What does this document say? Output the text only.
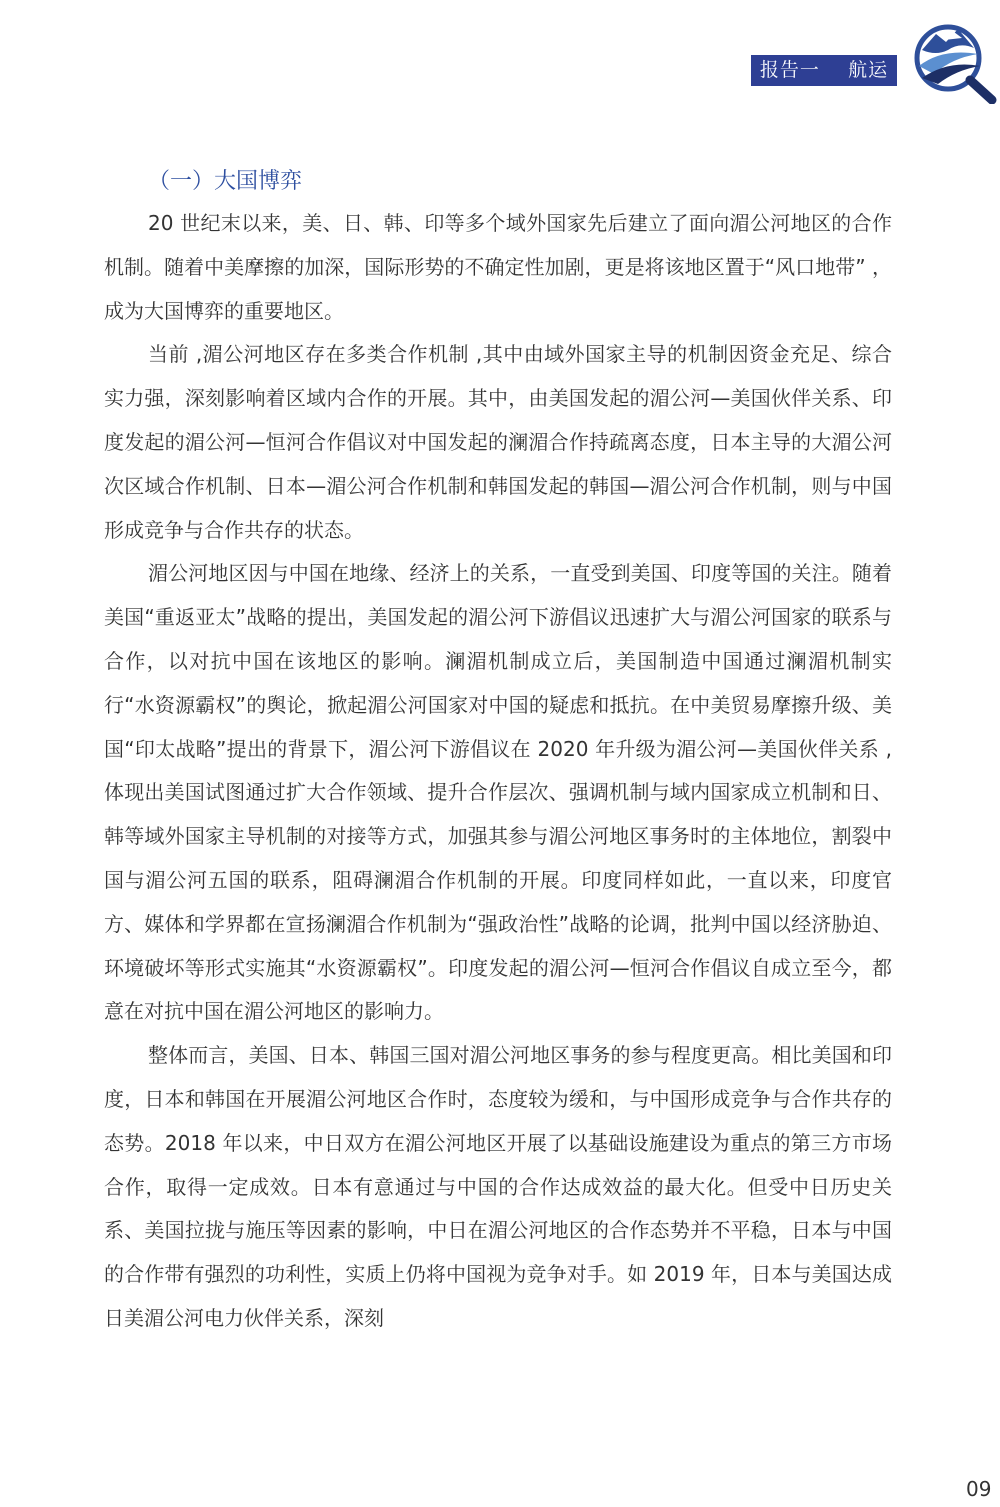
报告一    航运
（一）大国博弈

20 世纪末以来，美、日、韩、印等多个域外国家先后建立了面向湄公河地区的合作机制。随着中美摩擦的加深，国际形势的不确定性加剧，更是将该地区置于“风口地带” ，成为大国博弈的重要地区。

当前 ,湄公河地区存在多类合作机制 ,其中由域外国家主导的机制因资金充足、综合实力强，深刻影响着区域内合作的开展。其中，由美国发起的湄公河—美国伙伴关系、印度发起的湄公河—恒河合作倡议对中国发起的澜湄合作持疏离态度，日本主导的大湄公河次区域合作机制、日本—湄公河合作机制和韩国发起的韩国—湄公河合作机制，则与中国形成竞争与合作共存的状态。

湄公河地区因与中国在地缘、经济上的关系，一直受到美国、印度等国的关注。随着美国“重返亚太”战略的提出，美国发起的湄公河下游倡议迅速扩大与湄公河国家的联系与合作，以对抗中国在该地区的影响。澜湄机制成立后，美国制造中国通过澜湄机制实行“水资源霸权”的舆论，掀起湄公河国家对中国的疑虑和抵抗。在中美贸易摩擦升级、美国“印太战略”提出的背景下，湄公河下游倡议在 2020 年升级为湄公河—美国伙伴关系 ,体现出美国试图通过扩大合作领域、提升合作层次、强调机制与域内国家成立机制和日、韩等域外国家主导机制的对接等方式，加强其参与湄公河地区事务时的主体地位，割裂中国与湄公河五国的联系，阻碍澜湄合作机制的开展。印度同样如此，一直以来，印度官方、媒体和学界都在宣扬澜湄合作机制为“强政治性”战略的论调，批判中国以经济胁迫、环境破坏等形式实施其“水资源霸权”。印度发起的湄公河—恒河合作倡议自成立至今，都意在对抗中国在湄公河地区的影响力。

整体而言，美国、日本、韩国三国对湄公河地区事务的参与程度更高。相比美国和印度，日本和韩国在开展湄公河地区合作时，态度较为缓和，与中国形成竞争与合作共存的态势。2018 年以来，中日双方在湄公河地区开展了以基础设施建设为重点的第三方市场合作，取得一定成效。日本有意通过与中国的合作达成效益的最大化。但受中日历史关系、美国拉拢与施压等因素的影响，中日在湄公河地区的合作态势并不平稳，日本与中国的合作带有强烈的功利性，实质上仍将中国视为竞争对手。如 2019 年，日本与美国达成日美湄公河电力伙伴关系，深刻

09
